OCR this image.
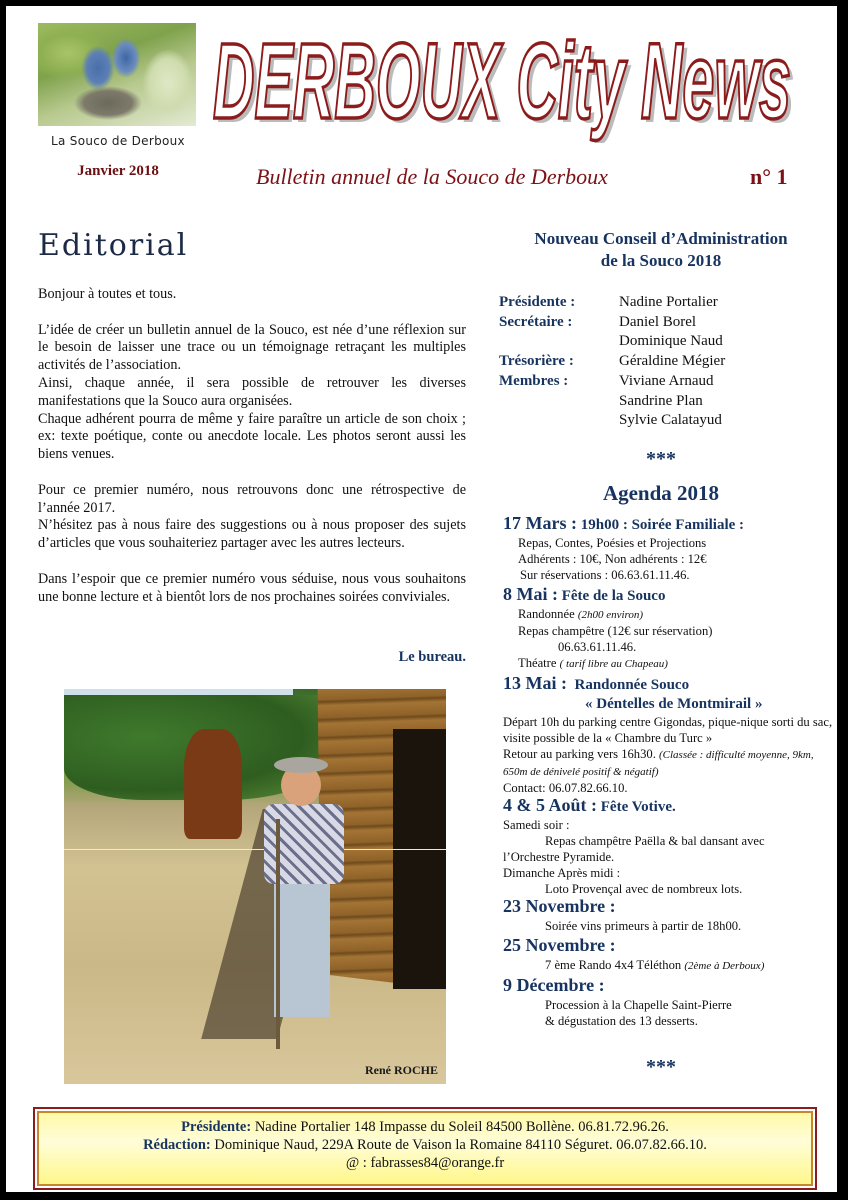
La Souco de Derboux
Janvier 2018
DERBOUX City News
DERBOUX City News
Bulletin annuel de la Souco de Derboux	n° 1
Editorial

Bonjour à toutes et tous.

L’idée de créer un bulletin annuel de la Souco, est née d’une réflexion sur le besoin de laisser une trace ou un témoignage retraçant les multiples activités de l’association.

Ainsi, chaque année, il sera possible de retrouver les diverses manifestations que la Souco aura organisées.

Chaque adhérent pourra de même y faire paraître un article de son choix ; ex: texte poétique, conte ou anecdote locale. Les photos seront aussi les biens venues.

Pour ce premier numéro, nous retrouvons donc une rétrospective de l’année 2017.

N’hésitez pas à nous faire des suggestions ou à nous proposer des sujets d’articles que vous souhaiteriez partager avec les autres lecteurs.

Dans l’espoir que ce premier numéro vous séduise, nous vous souhaitons une bonne lecture et à bientôt lors de nos prochaines soirées conviviales.

Le bureau.
René ROCHE
Nouveau Conseil d’Administration
de la Souco 2018
Présidente :	Nadine Portalier
Secrétaire :	Daniel Borel
Dominique Naud
Trésorière :	Géraldine Mégier
Membres :	Viviane Arnaud
Sandrine Plan
Sylvie Calatayud
***
Agenda 2018
17 Mars : 19h00 : Soirée Familiale :
Repas, Contes, Poésies et Projections
Adhérents : 10€, Non adhérents : 12€
Sur réservations : 06.63.61.11.46.
8 Mai : Fête de la Souco
Randonnée (2h00 environ)
Repas champêtre (12€ sur réservation)
06.63.61.11.46.
Théatre ( tarif libre au Chapeau)
13 Mai : Randonnée Souco
« Déntelles de Montmirail »
Départ 10h du parking centre Gigondas, pique-nique sorti du sac, visite possible de la « Chambre du Turc »
Retour au parking vers 16h30. (Classée : difficulté moyenne, 9km, 650m de dénivelé positif & négatif)
Contact: 06.07.82.66.10.
4 & 5 Août : Fête Votive.
Samedi soir :
Repas champêtre Paëlla & bal dansant avec
l’Orchestre Pyramide.
Dimanche Après midi :
Loto Provençal avec de nombreux lots.
23 Novembre :
Soirée vins primeurs à partir de 18h00.
25 Novembre :
7 ème Rando 4x4 Téléthon (2ème à Derboux)
9 Décembre :
Procession à la Chapelle Saint-Pierre
& dégustation des 13 desserts.
***
Présidente: Nadine Portalier 148 Impasse du Soleil 84500 Bollène. 06.81.72.96.26.
Rédaction: Dominique Naud, 229A Route de Vaison la Romaine 84110 Séguret. 06.07.82.66.10.
@ : fabrasses84@orange.fr
